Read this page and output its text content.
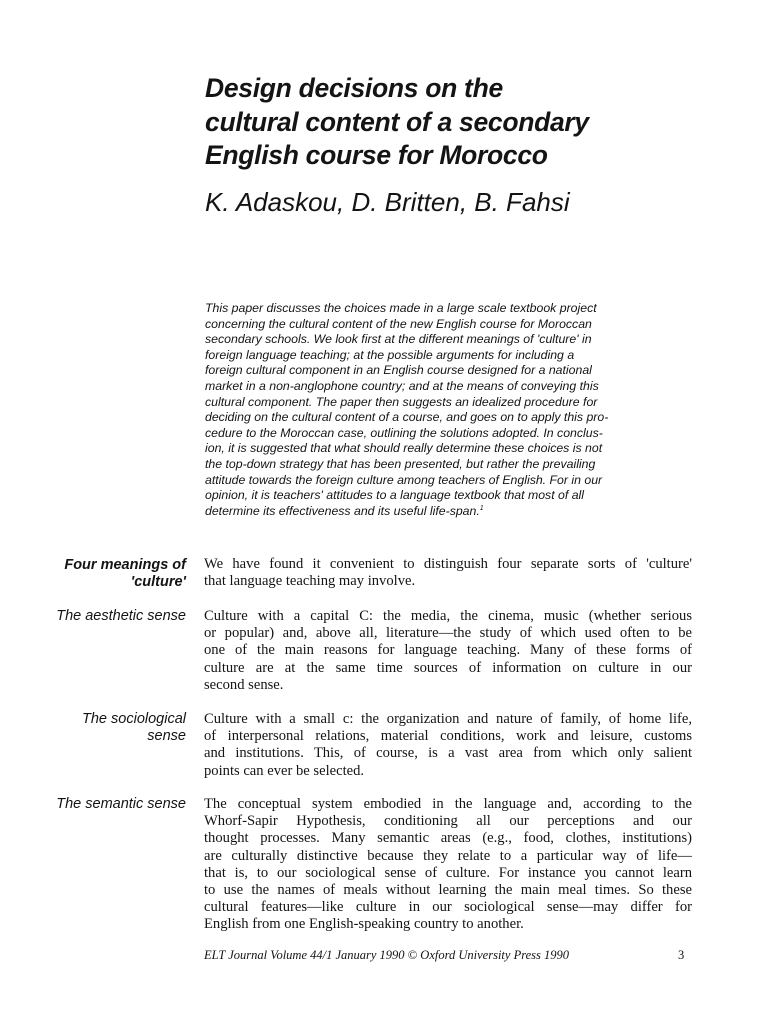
Design decisions on the
cultural content of a secondary
English course for Morocco
K. Adaskou, D. Britten, B. Fahsi
This paper discusses the choices made in a large scale textbook project
concerning the cultural content of the new English course for Moroccan
secondary schools. We look first at the different meanings of 'culture' in
foreign language teaching; at the possible arguments for including a
foreign cultural component in an English course designed for a national
market in a non-anglophone country; and at the means of conveying this
cultural component. The paper then suggests an idealized procedure for
deciding on the cultural content of a course, and goes on to apply this pro-
cedure to the Moroccan case, outlining the solutions adopted. In conclus-
ion, it is suggested that what should really determine these choices is not
the top-down strategy that has been presented, but rather the prevailing
attitude towards the foreign culture among teachers of English. For in our
opinion, it is teachers' attitudes to a language textbook that most of all
determine its effectiveness and its useful life-span.$^1$
Four meanings of
'culture'
We have found it convenient to distinguish four separate sorts of 'culture'
that language teaching may involve.
The aesthetic sense Culture with a capital C: the media, the cinema, music (whether serious
or popular) and, above all, literature—the study of which used often to be
one of the main reasons for language teaching. Many of these forms of
culture are at the same time sources of information on culture in our
second sense.
The sociological
sense
Culture with a small c: the organization and nature of family, of home life,
of interpersonal relations, material conditions, work and leisure, customs
and institutions. This, of course, is a vast area from which only salient
points can ever be selected.
The semantic sense The conceptual system embodied in the language and, according to the
Whorf-Sapir Hypothesis, conditioning all our perceptions and our
thought processes. Many semantic areas (e.g., food, clothes, institutions)
are culturally distinctive because they relate to a particular way of life—
that is, to our sociological sense of culture. For instance you cannot learn
to use the names of meals without learning the main meal times. So these
cultural features—like culture in our sociological sense—may differ for
English from one English-speaking country to another.

ELT Journal Volume 44/1 January 1990 © Oxford University Press 1990	3
